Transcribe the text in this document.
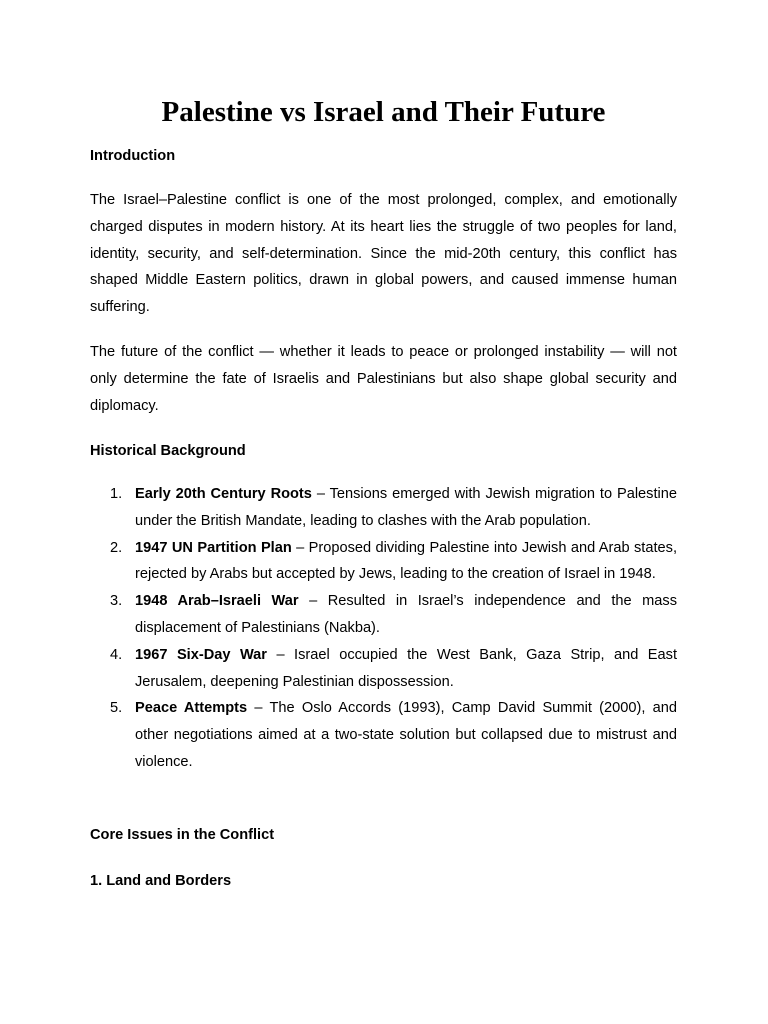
Palestine vs Israel and Their Future

Introduction

The Israel–Palestine conflict is one of the most prolonged, complex, and emotionally charged disputes in modern history. At its heart lies the struggle of two peoples for land, identity, security, and self-determination. Since the mid-20th century, this conflict has shaped Middle Eastern politics, drawn in global powers, and caused immense human suffering.

The future of the conflict — whether it leads to peace or prolonged instability — will not only determine the fate of Israelis and Palestinians but also shape global security and diplomacy.

Historical Background

1. Early 20th Century Roots – Tensions emerged with Jewish migration to Palestine under the British Mandate, leading to clashes with the Arab population.
2. 1947 UN Partition Plan – Proposed dividing Palestine into Jewish and Arab states, rejected by Arabs but accepted by Jews, leading to the creation of Israel in 1948.
3. 1948 Arab–Israeli War – Resulted in Israel’s independence and the mass displacement of Palestinians (Nakba).
4. 1967 Six-Day War – Israel occupied the West Bank, Gaza Strip, and East Jerusalem, deepening Palestinian dispossession.
5. Peace Attempts – The Oslo Accords (1993), Camp David Summit (2000), and other negotiations aimed at a two-state solution but collapsed due to mistrust and violence.

Core Issues in the Conflict

1. Land and Borders
